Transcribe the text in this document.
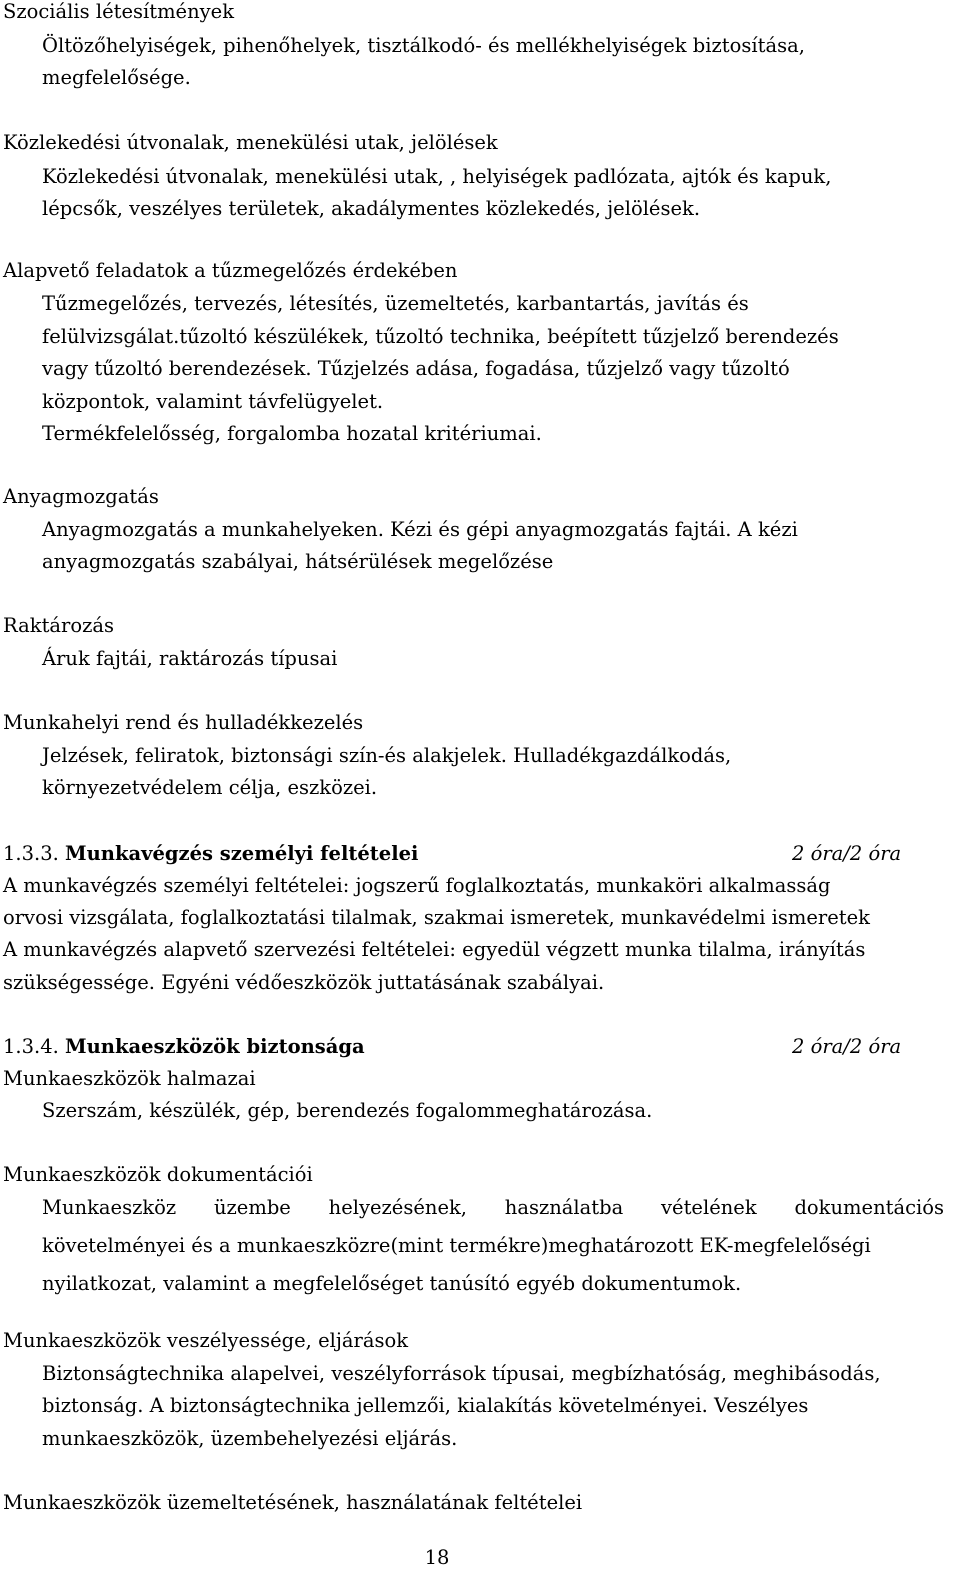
Szociális létesítmények

Öltözőhelyiségek, pihenőhelyek, tisztálkodó- és mellékhelyiségek biztosítása,

megfelelősége.

Közlekedési útvonalak, menekülési utak, jelölések

Közlekedési útvonalak, menekülési utak, , helyiségek padlózata, ajtók és kapuk,

lépcsők, veszélyes területek, akadálymentes közlekedés, jelölések.

Alapvető feladatok a tűzmegelőzés érdekében

Tűzmegelőzés, tervezés, létesítés, üzemeltetés, karbantartás, javítás és

felülvizsgálat.tűzoltó készülékek, tűzoltó technika, beépített tűzjelző berendezés

vagy tűzoltó berendezések. Tűzjelzés adása, fogadása, tűzjelző vagy tűzoltó

központok, valamint távfelügyelet.

Termékfelelősség, forgalomba hozatal kritériumai.

Anyagmozgatás

Anyagmozgatás a munkahelyeken. Kézi és gépi anyagmozgatás fajtái. A kézi

anyagmozgatás szabályai, hátsérülések megelőzése

Raktározás

Áruk fajtái, raktározás típusai

Munkahelyi rend és hulladékkezelés

Jelzések, feliratok, biztonsági szín-és alakjelek. Hulladékgazdálkodás,

környezetvédelem célja, eszközei.

1.3.3. Munkavégzés személyi feltételei	2 óra/2 óra

A munkavégzés személyi feltételei: jogszerű foglalkoztatás, munkaköri alkalmasság

orvosi vizsgálata, foglalkoztatási tilalmak, szakmai ismeretek, munkavédelmi ismeretek

A munkavégzés alapvető szervezési feltételei: egyedül végzett munka tilalma, irányítás

szükségessége. Egyéni védőeszközök juttatásának szabályai.

1.3.4. Munkaeszközök biztonsága	2 óra/2 óra

Munkaeszközök halmazai

Szerszám, készülék, gép, berendezés fogalommeghatározása.

Munkaeszközök dokumentációi

Munkaeszköz üzembe helyezésének, használatba vételének dokumentációs

követelményei és a munkaeszközre(mint termékre)meghatározott EK-megfelelőségi

nyilatkozat, valamint a megfelelőséget tanúsító egyéb dokumentumok.

Munkaeszközök veszélyessége, eljárások

Biztonságtechnika alapelvei, veszélyforrások típusai, megbízhatóság, meghibásodás,

biztonság. A biztonságtechnika jellemzői, kialakítás követelményei. Veszélyes

munkaeszközök, üzembehelyezési eljárás.

Munkaeszközök üzemeltetésének, használatának feltételei

18
